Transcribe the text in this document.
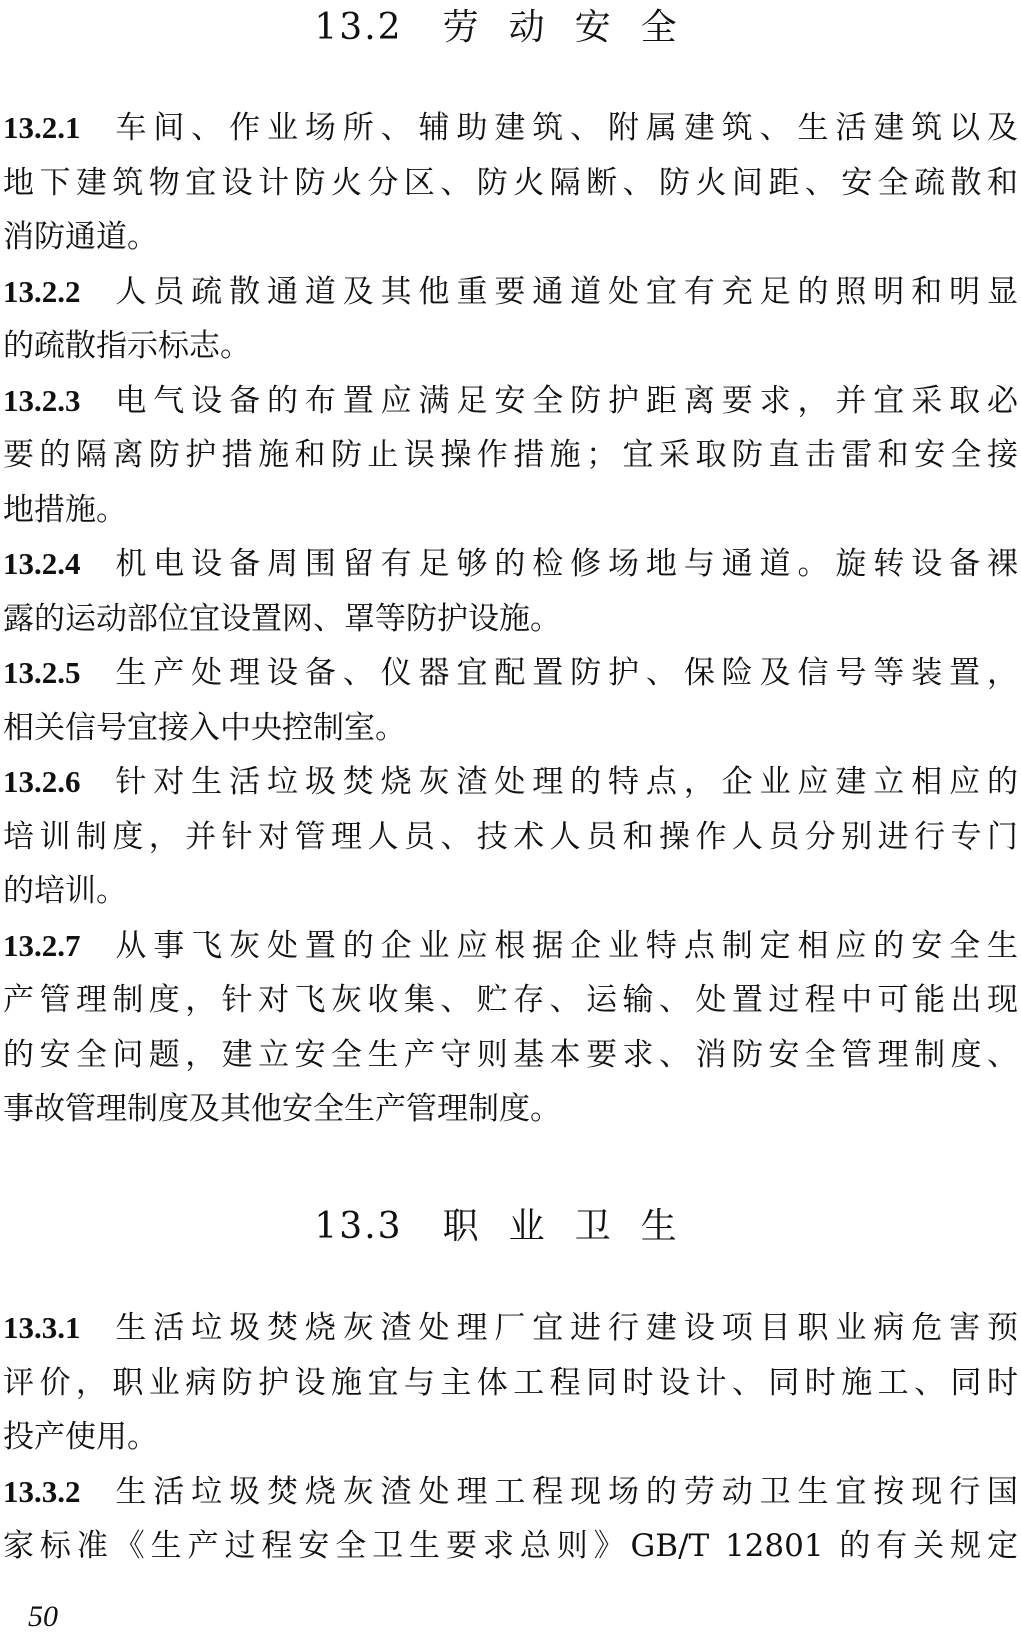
13.2 劳动安全
13.2.1 车间、作业场所、辅助建筑、附属建筑、生活建筑以及
地下建筑物宜设计防火分区、防火隔断、防火间距、安全疏散和
消防通道。
13.2.2 人员疏散通道及其他重要通道处宜有充足的照明和明显
的疏散指示标志。
13.2.3 电气设备的布置应满足安全防护距离要求，并宜采取必
要的隔离防护措施和防止误操作措施；宜采取防直击雷和安全接
地措施。
13.2.4 机电设备周围留有足够的检修场地与通道。旋转设备裸
露的运动部位宜设置网、罩等防护设施。
13.2.5 生产处理设备、仪器宜配置防护、保险及信号等装置，
相关信号宜接入中央控制室。
13.2.6 针对生活垃圾焚烧灰渣处理的特点，企业应建立相应的
培训制度，并针对管理人员、技术人员和操作人员分别进行专门
的培训。
13.2.7 从事飞灰处置的企业应根据企业特点制定相应的安全生
产管理制度，针对飞灰收集、贮存、运输、处置过程中可能出现
的安全问题，建立安全生产守则基本要求、消防安全管理制度、
事故管理制度及其他安全生产管理制度。
13.3 职业卫生
13.3.1 生活垃圾焚烧灰渣处理厂宜进行建设项目职业病危害预
评价，职业病防护设施宜与主体工程同时设计、同时施工、同时
投产使用。
13.3.2 生活垃圾焚烧灰渣处理工程现场的劳动卫生宜按现行国
家标准《生产过程安全卫生要求总则》GB/T 12801 的有关规定
50
